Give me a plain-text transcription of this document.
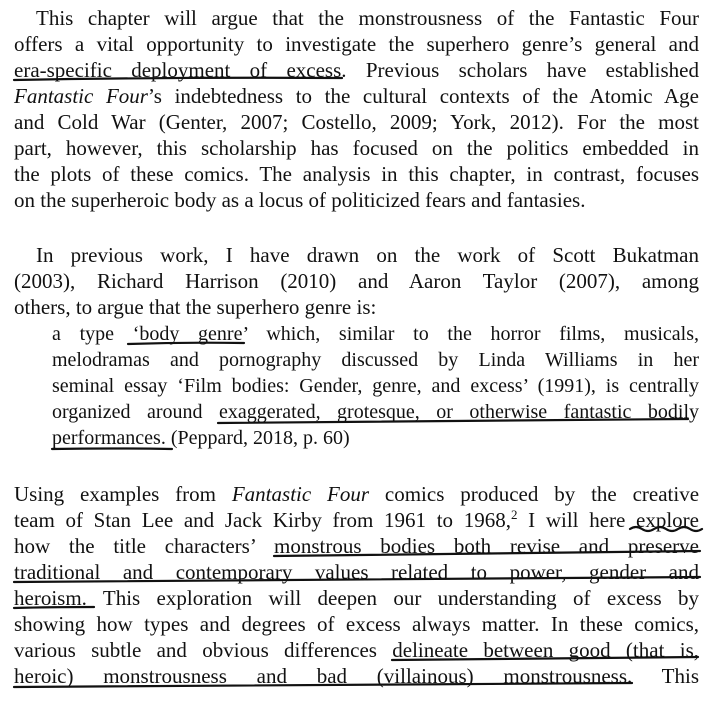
This chapter will argue that the monstrousness of the Fantastic Four
offers a vital opportunity to investigate the superhero genre’s general and
era-specific deployment of excess. Previous scholars have established
Fantastic Four’s indebtedness to the cultural contexts of the Atomic Age
and Cold War (Genter, 2007; Costello, 2009; York, 2012). For the most
part, however, this scholarship has focused on the politics embedded in
the plots of these comics. The analysis in this chapter, in contrast, focuses
on the superheroic body as a locus of politicized fears and fantasies.
In previous work, I have drawn on the work of Scott Bukatman
(2003), Richard Harrison (2010) and Aaron Taylor (2007), among
others, to argue that the superhero genre is:
a type ‘body genre’ which, similar to the horror films, musicals,
melodramas and pornography discussed by Linda Williams in her
seminal essay ‘Film bodies: Gender, genre, and excess’ (1991), is centrally
organized around exaggerated, grotesque, or otherwise fantastic bodily
performances. (Peppard, 2018, p. 60)
Using examples from Fantastic Four comics produced by the creative
team of Stan Lee and Jack Kirby from 1961 to 1968,$^2$ I will here explore
how the title characters’ monstrous bodies both revise and preserve
traditional and contemporary values related to power, gender and
heroism. This exploration will deepen our understanding of excess by
showing how types and degrees of excess always matter. In these comics,
various subtle and obvious differences delineate between good (that is,
heroic) monstrousness and bad (villainous) monstrousness. This
